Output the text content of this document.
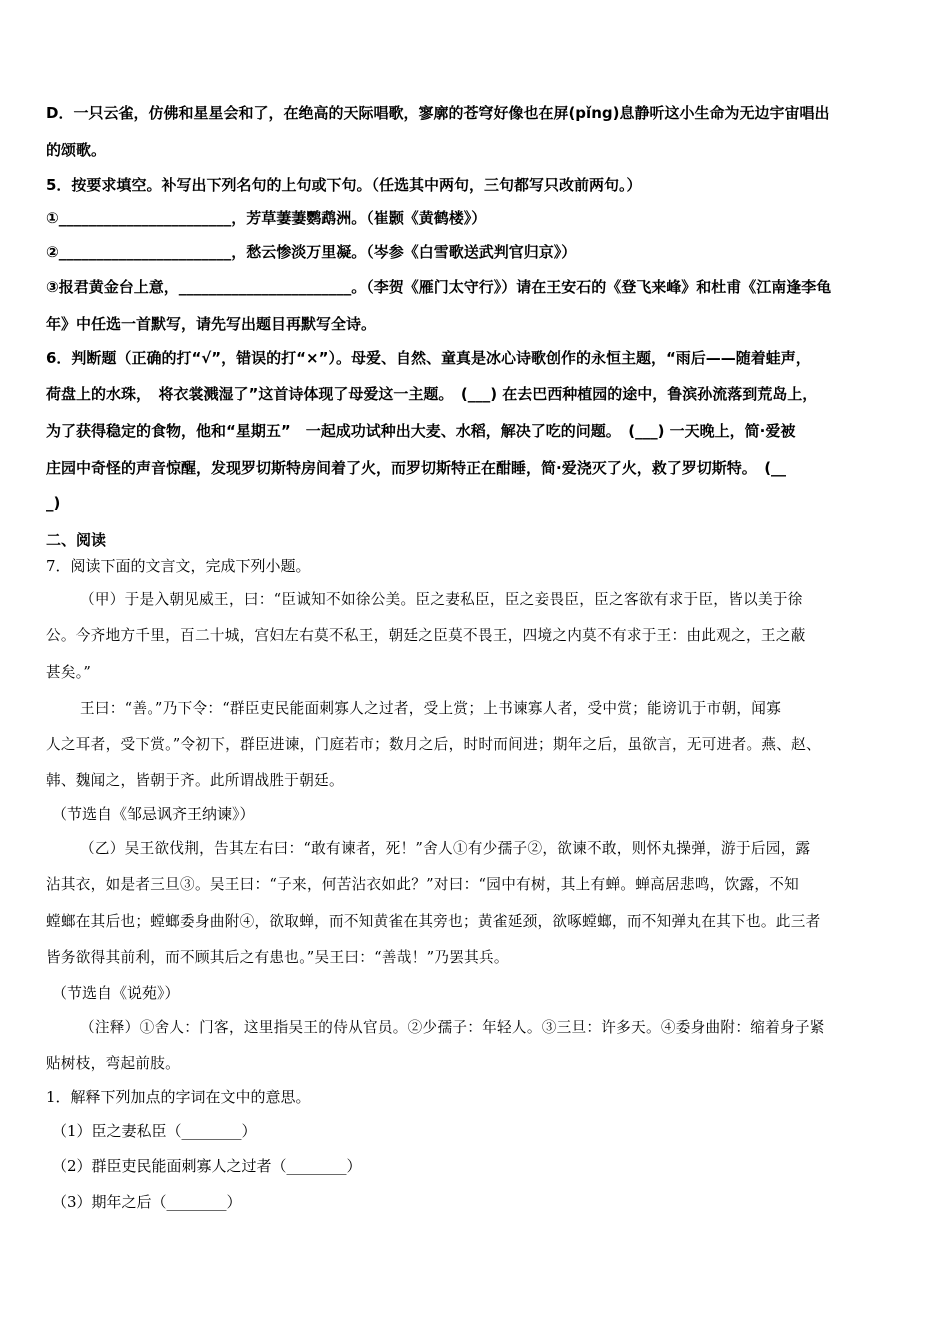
D．一只云雀，仿佛和星星会和了，在绝高的天际唱歌，寥廓的苍穹好像也在屏(pǐng)息静听这小生命为无边宇宙唱出
的颂歌。
5．按要求填空。补写出下列名句的上句或下句。（任选其中两句，三句都写只改前两句。）
①_______________________，芳草萋萋鹦鹉洲。（崔颢《黄鹤楼》）
②_______________________，愁云惨淡万里凝。（岑参《白雪歌送武判官归京》）
③报君黄金台上意，_______________________。（李贺《雁门太守行》）请在王安石的《登飞来峰》和杜甫《江南逢李龟
年》中任选一首默写，请先写出题目再默写全诗。
6．判断题（正确的打“√”，错误的打“×”）。母爱、自然、童真是冰心诗歌创作的永恒主题，“雨后——随着蛙声，
荷盘上的水珠，　将衣裳溅湿了”这首诗体现了母爱这一主题。　(___) 在去巴西种植园的途中，鲁滨孙流落到荒岛上，
为了获得稳定的食物，他和“星期五”　一起成功试种出大麦、水稻，解决了吃的问题。　(___) 一天晚上，简·爱被
庄园中奇怪的声音惊醒，发现罗切斯特房间着了火，而罗切斯特正在酣睡，简·爱浇灭了火，救了罗切斯特。　(__
_)
二、阅读
7．阅读下面的文言文，完成下列小题。
（甲）于是入朝见威王，曰：“臣诚知不如徐公美。臣之妻私臣，臣之妾畏臣，臣之客欲有求于臣，皆以美于徐
公。今齐地方千里，百二十城，宫妇左右莫不私王，朝廷之臣莫不畏王，四境之内莫不有求于王：由此观之，王之蔽
甚矣。”
王曰：“善。”乃下令：“群臣吏民能面刺寡人之过者，受上赏；上书谏寡人者，受中赏；能谤讥于市朝，闻寡
人之耳者，受下赏。”令初下，群臣进谏，门庭若市；数月之后，时时而间进；期年之后，虽欲言，无可进者。燕、赵、
韩、魏闻之，皆朝于齐。此所谓战胜于朝廷。
（节选自《邹忌讽齐王纳谏》）
（乙）吴王欲伐荆，告其左右曰：“敢有谏者，死！”舍人①有少孺子②，欲谏不敢，则怀丸操弹，游于后园，露
沾其衣，如是者三旦③。吴王曰：“子来，何苦沾衣如此？”对曰：“园中有树，其上有蝉。蝉高居悲鸣，饮露，不知
螳螂在其后也；螳螂委身曲附④，欲取蝉，而不知黄雀在其旁也；黄雀延颈，欲啄螳螂，而不知弹丸在其下也。此三者
皆务欲得其前利，而不顾其后之有患也。”吴王曰：“善哉！”乃罢其兵。
（节选自《说苑》）
（注释）①舍人：门客，这里指吴王的侍从官员。②少孺子：年轻人。③三旦：许多天。④委身曲附：缩着身子紧
贴树枝，弯起前肢。
1．解释下列加点的字词在文中的意思。
（1）臣之妻私臣（________）
（2）群臣吏民能面刺寡人之过者（________）
（3）期年之后（________）
